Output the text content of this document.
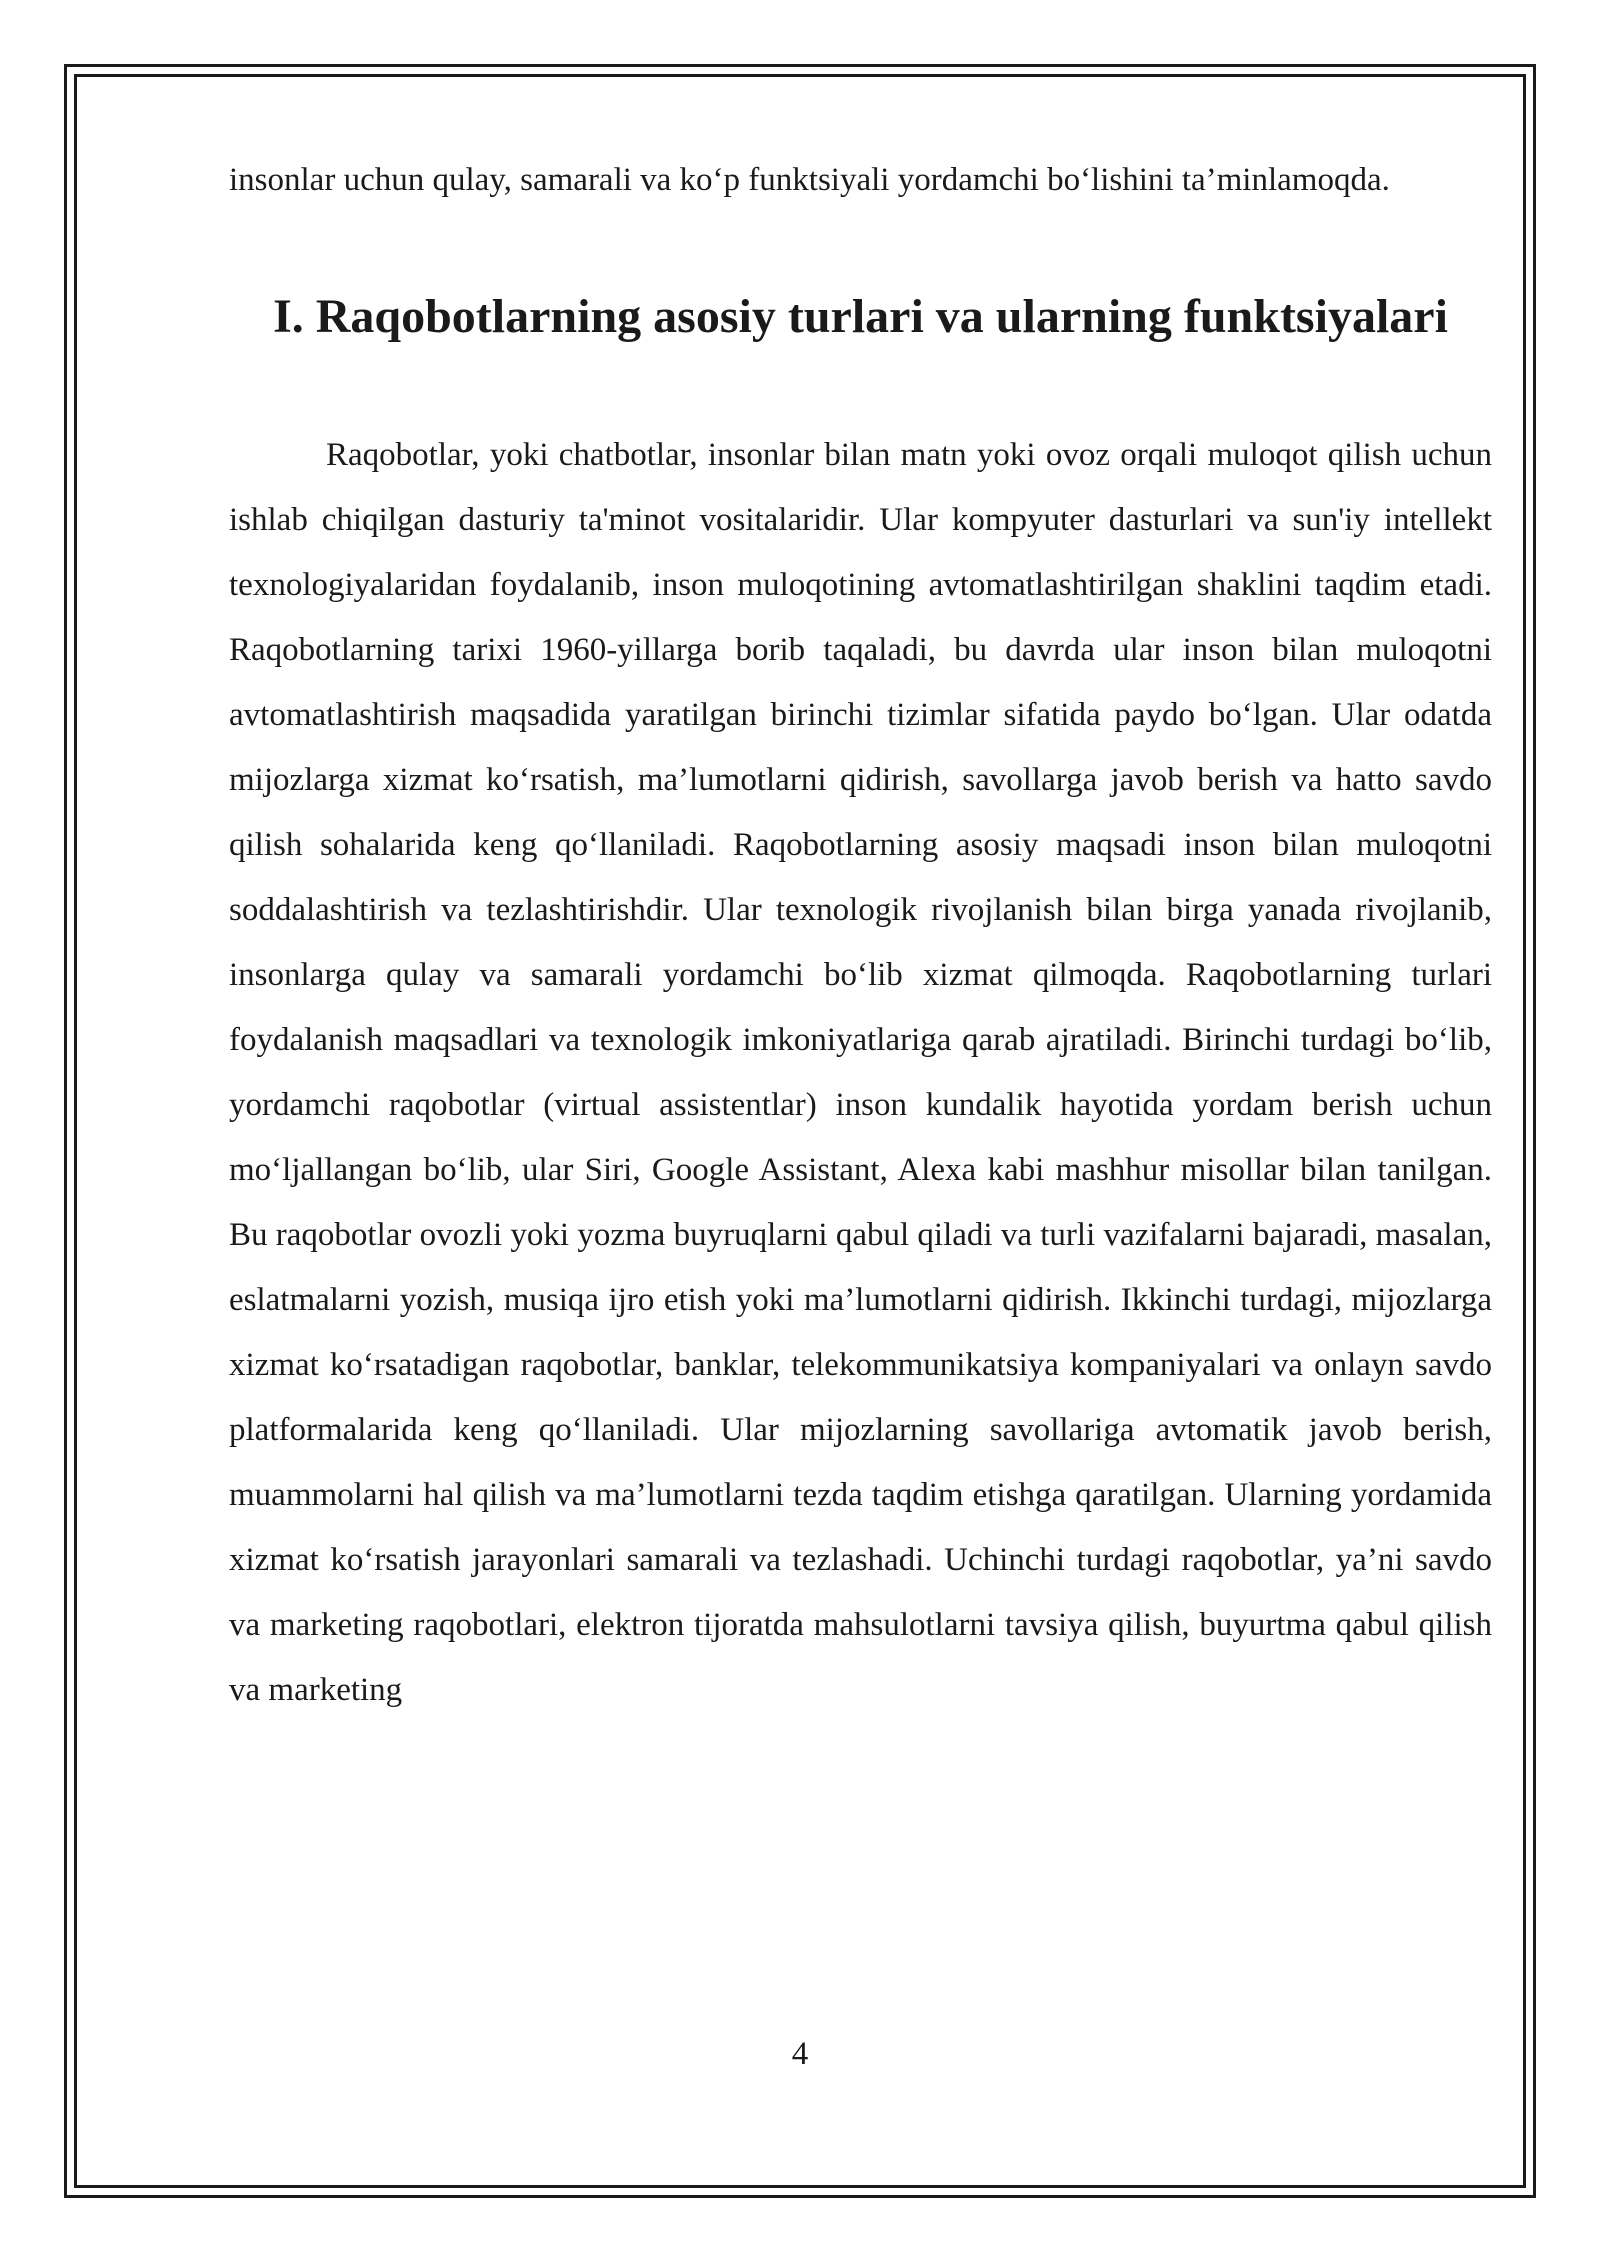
insonlar uchun qulay, samarali va ko‘p funktsiyali yordamchi bo‘lishini ta’minlamoqda.

I. Raqobotlarning asosiy turlari va ularning funktsiyalari

Raqobotlar, yoki chatbotlar, insonlar bilan matn yoki ovoz orqali muloqot qilish uchun ishlab chiqilgan dasturiy ta'minot vositalaridir. Ular kompyuter dasturlari va sun'iy intellekt texnologiyalaridan foydalanib, inson muloqotining avtomatlashtirilgan shaklini taqdim etadi. Raqobotlarning tarixi 1960-yillarga borib taqaladi, bu davrda ular inson bilan muloqotni avtomatlashtirish maqsadida yaratilgan birinchi tizimlar sifatida paydo bo‘lgan. Ular odatda mijozlarga xizmat ko‘rsatish, ma’lumotlarni qidirish, savollarga javob berish va hatto savdo qilish sohalarida keng qo‘llaniladi. Raqobotlarning asosiy maqsadi inson bilan muloqotni soddalashtirish va tezlashtirishdir. Ular texnologik rivojlanish bilan birga yanada rivojlanib, insonlarga qulay va samarali yordamchi bo‘lib xizmat qilmoqda. Raqobotlarning turlari foydalanish maqsadlari va texnologik imkoniyatlariga qarab ajratiladi. Birinchi turdagi bo‘lib, yordamchi raqobotlar (virtual assistentlar) inson kundalik hayotida yordam berish uchun mo‘ljallangan bo‘lib, ular Siri, Google Assistant, Alexa kabi mashhur misollar bilan tanilgan. Bu raqobotlar ovozli yoki yozma buyruqlarni qabul qiladi va turli vazifalarni bajaradi, masalan, eslatmalarni yozish, musiqa ijro etish yoki ma’lumotlarni qidirish. Ikkinchi turdagi, mijozlarga xizmat ko‘rsatadigan raqobotlar, banklar, telekommunikatsiya kompaniyalari va onlayn savdo platformalarida keng qo‘llaniladi. Ular mijozlarning savollariga avtomatik javob berish, muammolarni hal qilish va ma’lumotlarni tezda taqdim etishga qaratilgan. Ularning yordamida xizmat ko‘rsatish jarayonlari samarali va tezlashadi. Uchinchi turdagi raqobotlar, ya’ni savdo va marketing raqobotlari, elektron tijoratda mahsulotlarni tavsiya qilish, buyurtma qabul qilish va marketing

4
